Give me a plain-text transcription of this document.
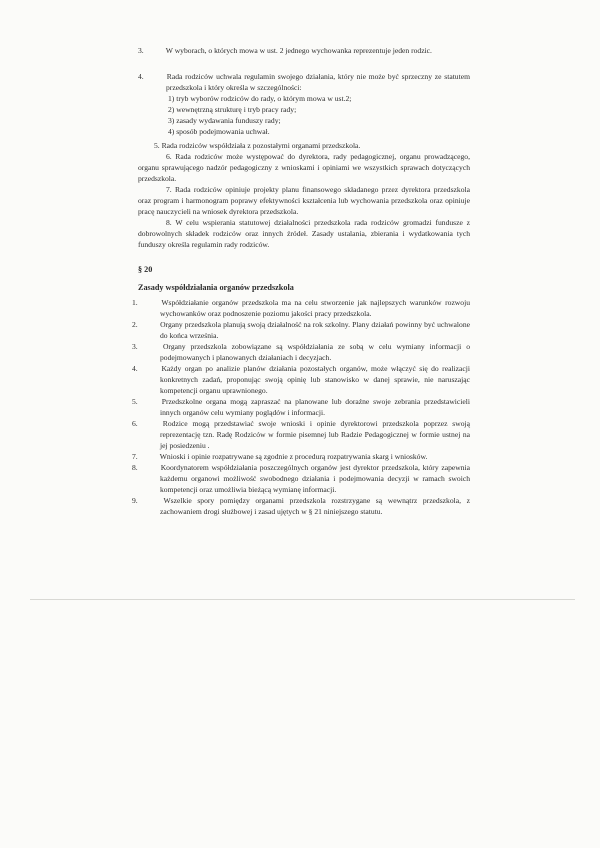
3.	W wyborach, o których mowa w ust. 2 jednego wychowanka reprezentuje jeden rodzic.

4.	Rada rodziców uchwala regulamin swojego działania, który nie może być sprzeczny ze statutem przedszkola i który określa w szczególności:

1) tryb wyborów rodziców do rady, o którym mowa w ust.2;

2) wewnętrzną strukturę i tryb pracy rady;

3) zasady wydawania funduszy rady;

4) sposób podejmowania uchwał.

5. Rada rodziców współdziała z pozostałymi organami przedszkola.

6. Rada rodziców może występować do dyrektora, rady pedagogicznej, organu prowadzącego, organu sprawującego nadzór pedagogiczny z wnioskami i opiniami we wszystkich sprawach dotyczących przedszkola.

7. Rada rodziców opiniuje projekty planu finansowego składanego przez dyrektora przedszkola oraz program i harmonogram poprawy efektywności kształcenia lub wychowania przedszkola oraz opiniuje pracę nauczycieli na wniosek dyrektora przedszkola.

8. W celu wspierania statutowej działalności przedszkola rada rodziców gromadzi fundusze z dobrowolnych składek rodziców oraz innych źródeł. Zasady ustalania, zbierania i wydatkowania tych funduszy określa regulamin rady rodziców.

§ 20
Zasady współdziałania organów przedszkola

1.	Współdziałanie organów przedszkola ma na celu stworzenie jak najlepszych warunków rozwoju wychowanków oraz podnoszenie poziomu jakości pracy przedszkola.

2.	Organy przedszkola planują swoją działalność na rok szkolny. Plany działań powinny być uchwalone do końca września.

3.	Organy przedszkola zobowiązane są współdziałania ze sobą w celu wymiany informacji o podejmowanych i planowanych działaniach i decyzjach.

4.	Każdy organ po analizie planów działania pozostałych organów, może włączyć się do realizacji konkretnych zadań, proponując swoją opinię lub stanowisko w danej sprawie, nie naruszając kompetencji organu uprawnionego.

5.	Przedszkolne organa mogą zapraszać na planowane lub doraźne swoje zebrania przedstawicieli innych organów celu wymiany poglądów i informacji.

6.	Rodzice mogą przedstawiać swoje wnioski i opinie dyrektorowi przedszkola poprzez swoją reprezentację tzn. Radę Rodziców w formie pisemnej lub Radzie Pedagogicznej w formie ustnej na jej posiedzeniu .

7.	Wnioski i opinie rozpatrywane są zgodnie z procedurą rozpatrywania skarg i wniosków.

8.	Koordynatorem współdziałania poszczególnych organów jest dyrektor przedszkola, który zapewnia każdemu organowi możliwość swobodnego działania i podejmowania decyzji w ramach swoich kompetencji oraz umożliwia bieżącą wymianę informacji.

9.	Wszelkie spory pomiędzy organami przedszkola rozstrzygane są wewnątrz przedszkola, z zachowaniem drogi służbowej i zasad ujętych w § 21 niniejszego statutu.
